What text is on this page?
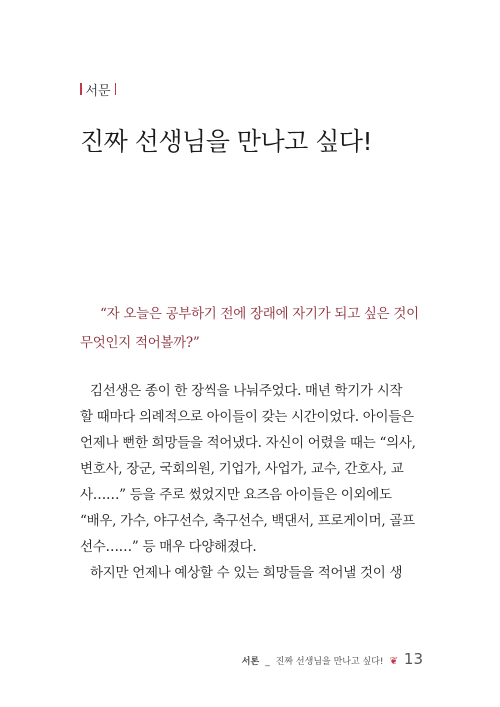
서문
진짜 선생님을 만나고 싶다!
“자 오늘은 공부하기 전에 장래에 자기가 되고 싶은 것이
무엇인지 적어볼까?”
김선생은 종이 한 장씩을 나눠주었다. 매년 학기가 시작
할 때마다 의례적으로 아이들이 갖는 시간이었다. 아이들은
언제나 뻔한 희망들을 적어냈다. 자신이 어렸을 때는 “의사,
변호사, 장군, 국회의원, 기업가, 사업가, 교수, 간호사, 교
사……” 등을 주로 썼었지만 요즈음 아이들은 이외에도
“배우, 가수, 야구선수, 축구선수, 백댄서, 프로게이머, 골프
선수……” 등 매우 다양해졌다.
하지만 언제나 예상할 수 있는 희망들을 적어낼 것이 생
서론 _ 진짜 선생님을 만나고 싶다! ❦ 13
